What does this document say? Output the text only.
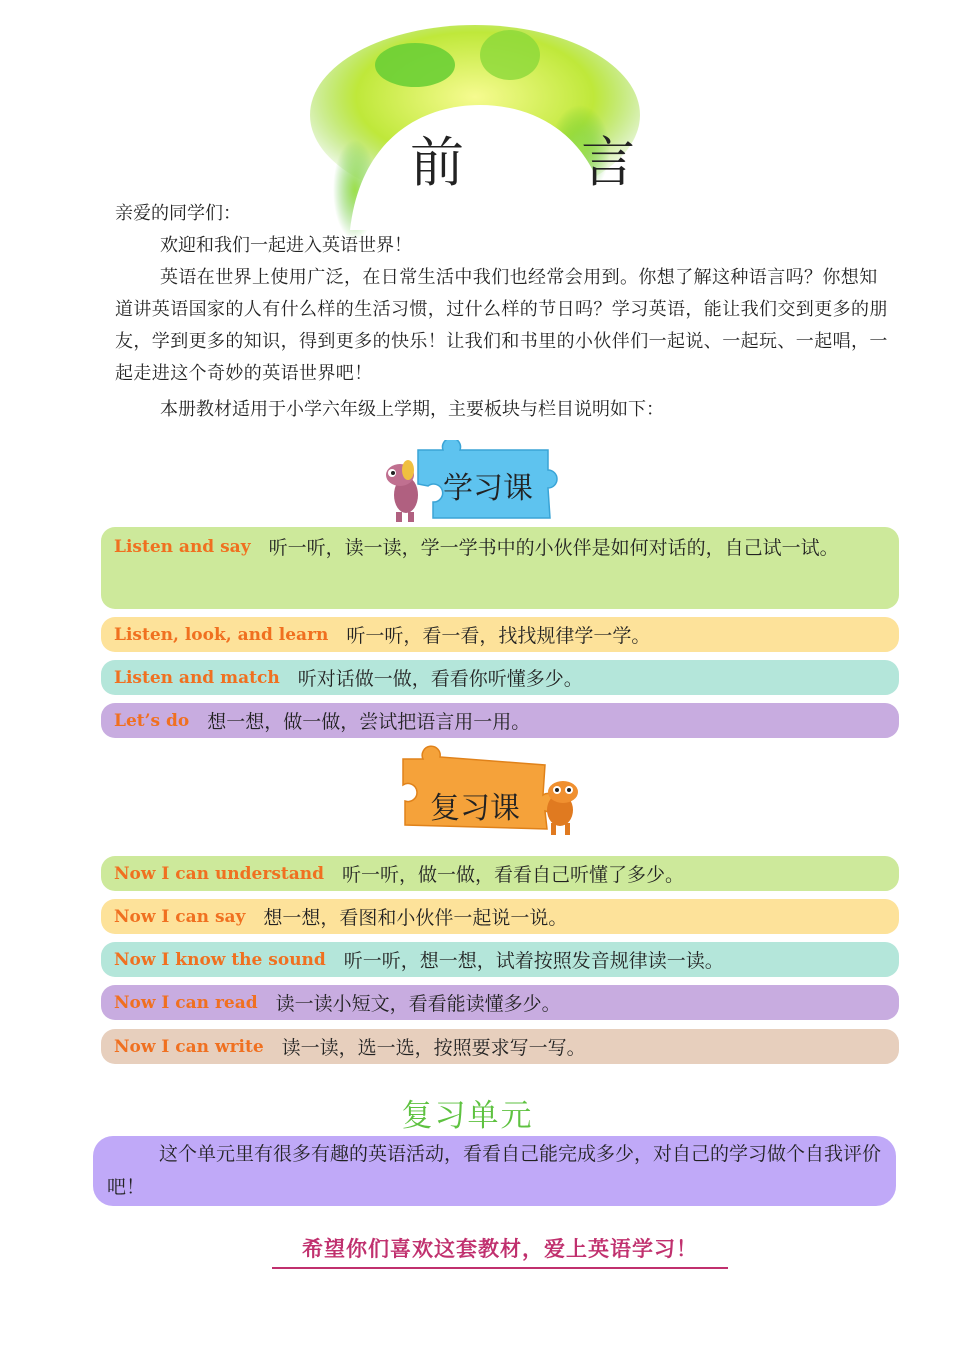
前 言
亲爱的同学们：
欢迎和我们一起进入英语世界！
英语在世界上使用广泛，在日常生活中我们也经常会用到。你想了解这种语言吗？你想知道讲英语国家的人有什么样的生活习惯，过什么样的节日吗？学习英语，能让我们交到更多的朋友，学到更多的知识，得到更多的快乐！让我们和书里的小伙伴们一起说、一起玩、一起唱，一起走进这个奇妙的英语世界吧！
本册教材适用于小学六年级上学期，主要板块与栏目说明如下：
学习课
Listen and say 听一听，读一读，学一学书中的小伙伴是如何对话的，自己试一试。
Listen, look, and learn 听一听，看一看，找找规律学一学。
Listen and match 听对话做一做，看看你听懂多少。
Let’s do 想一想，做一做，尝试把语言用一用。
复习课
Now I can understand 听一听，做一做，看看自己听懂了多少。
Now I can say 想一想，看图和小伙伴一起说一说。
Now I know the sound 听一听，想一想，试着按照发音规律读一读。
Now I can read 读一读小短文，看看能读懂多少。
Now I can write 读一读，选一选，按照要求写一写。
复习单元
这个单元里有很多有趣的英语活动，看看自己能完成多少，对自己的学习做个自我评价吧！
希望你们喜欢这套教材，爱上英语学习！
